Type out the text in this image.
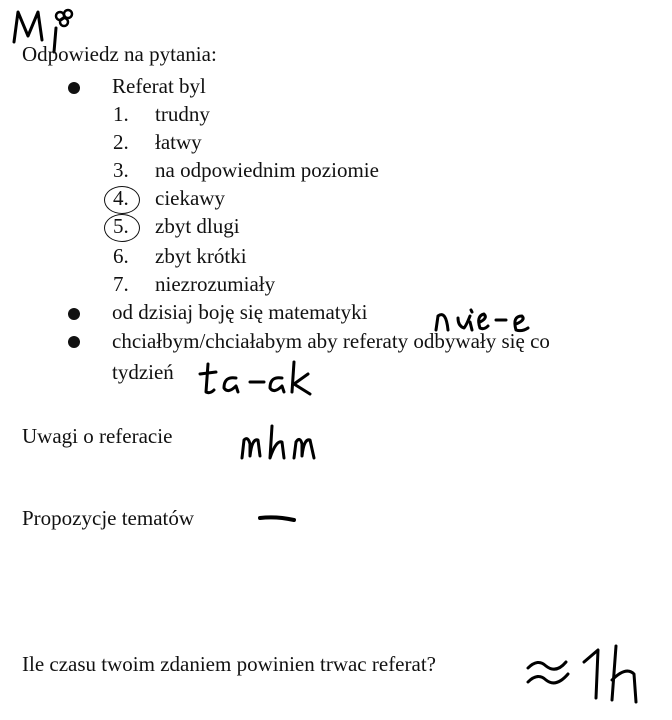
Odpowiedz na pytania:
Referat byl
1. trudny
2. łatwy
3. na odpowiednim poziomie
4. ciekawy
5. zbyt dlugi
6. zbyt krótki
7. niezrozumiały
od dzisiaj boję się matematyki
chciałbym/chciałabym aby referaty odbywały się co
tydzień
Uwagi o referacie
Propozycje tematów
Ile czasu twoim zdaniem powinien trwac referat?
